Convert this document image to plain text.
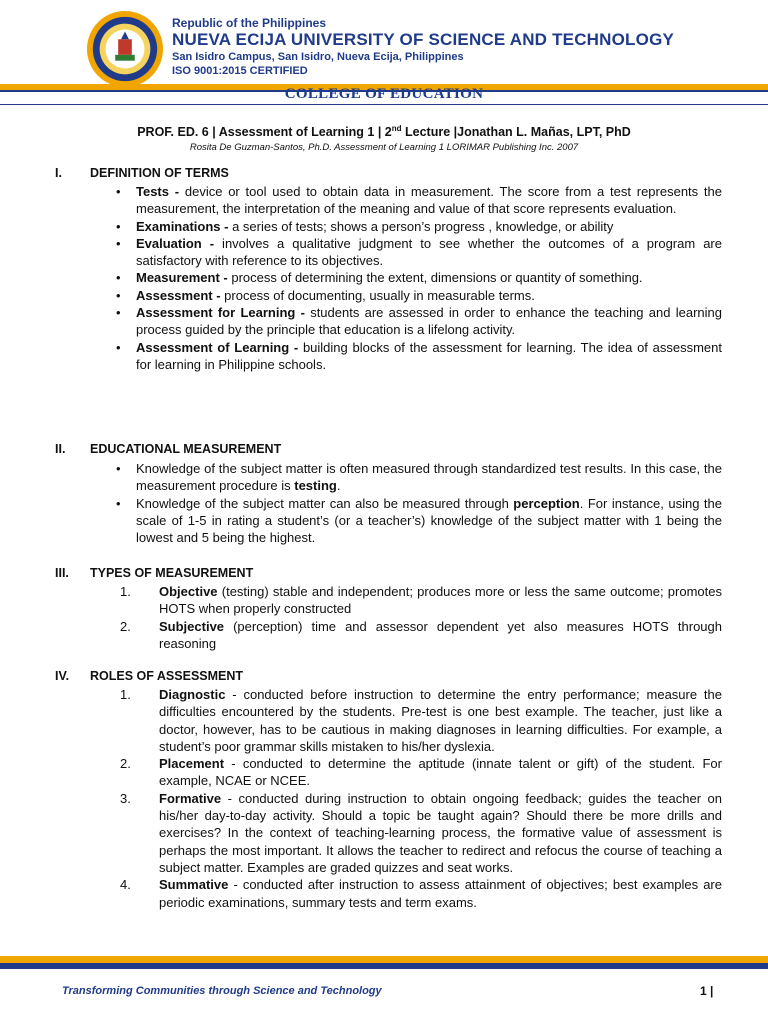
Republic of the Philippines
NUEVA ECIJA UNIVERSITY OF SCIENCE AND TECHNOLOGY
San Isidro Campus, San Isidro, Nueva Ecija, Philippines
ISO 9001:2015 CERTIFIED
COLLEGE OF EDUCATION
PROF. ED. 6 | Assessment of Learning 1 | 2nd Lecture |Jonathan L. Mañas, LPT, PhD
Rosita De Guzman-Santos, Ph.D. Assessment of Learning 1 LORIMAR Publishing Inc. 2007
I. DEFINITION OF TERMS
• Tests - device or tool used to obtain data in measurement. The score from a test represents the measurement, the interpretation of the meaning and value of that score represents evaluation.
• Examinations - a series of tests; shows a person’s progress , knowledge, or ability
• Evaluation - involves a qualitative judgment to see whether the outcomes of a program are satisfactory with reference to its objectives.
• Measurement - process of determining the extent, dimensions or quantity of something.
• Assessment - process of documenting, usually in measurable terms.
• Assessment for Learning - students are assessed in order to enhance the teaching and learning process guided by the principle that education is a lifelong activity.
• Assessment of Learning - building blocks of the assessment for learning. The idea of assessment for learning in Philippine schools.
II. EDUCATIONAL MEASUREMENT
• Knowledge of the subject matter is often measured through standardized test results. In this case, the measurement procedure is testing.
• Knowledge of the subject matter can also be measured through perception. For instance, using the scale of 1-5 in rating a student’s (or a teacher’s) knowledge of the subject matter with 1 being the lowest and 5 being the highest.
III. TYPES OF MEASUREMENT
1. Objective (testing) stable and independent; produces more or less the same outcome; promotes HOTS when properly constructed
2. Subjective (perception) time and assessor dependent yet also measures HOTS through reasoning
IV. ROLES OF ASSESSMENT
1. Diagnostic - conducted before instruction to determine the entry performance; measure the difficulties encountered by the students. Pre-test is one best example. The teacher, just like a doctor, however, has to be cautious in making diagnoses in learning difficulties. For example, a student’s poor grammar skills mistaken to his/her dyslexia.
2. Placement - conducted to determine the aptitude (innate talent or gift) of the student. For example, NCAE or NCEE.
3. Formative - conducted during instruction to obtain ongoing feedback; guides the teacher on his/her day-to-day activity. Should a topic be taught again? Should there be more drills and exercises? In the context of teaching-learning process, the formative value of assessment is perhaps the most important. It allows the teacher to redirect and refocus the course of teaching a subject matter. Examples are graded quizzes and seat works.
4. Summative - conducted after instruction to assess attainment of objectives; best examples are periodic examinations, summary tests and term exams.
Transforming Communities through Science and Technology	1 |
